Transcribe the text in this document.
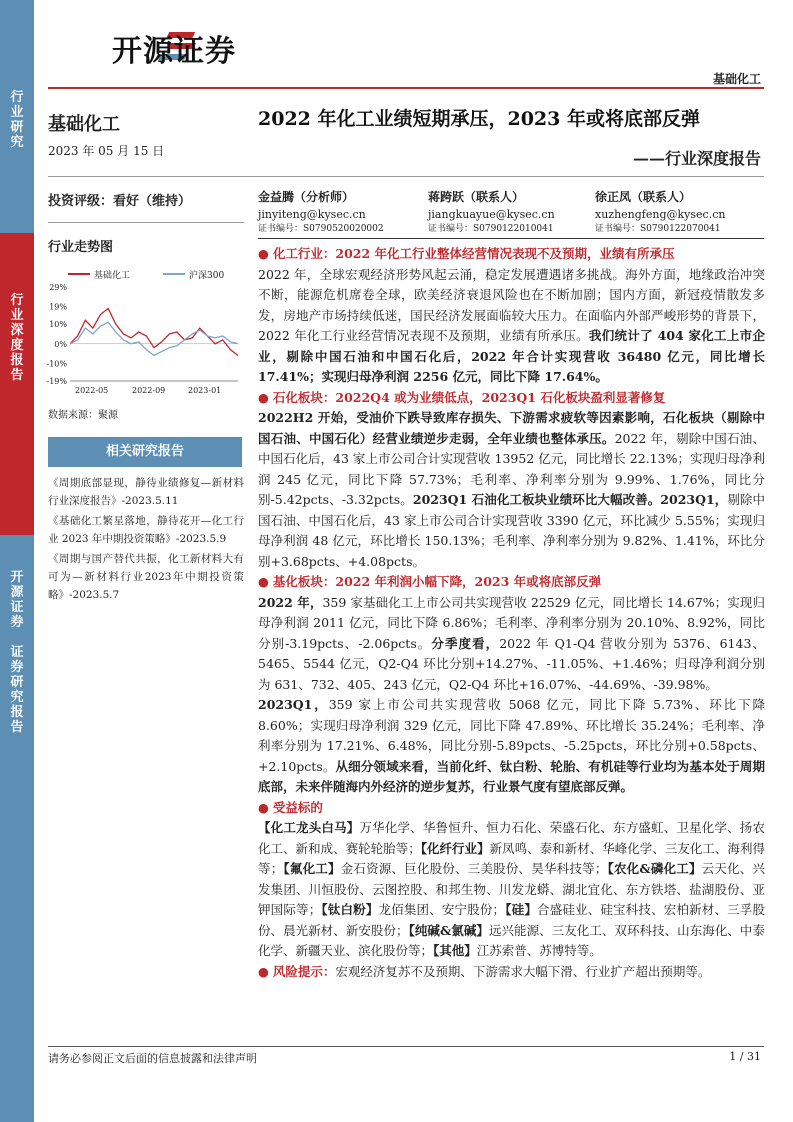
行
业
研
究
行
业
深
度
报
告
开
源
证
券

证
券
研
究
报
告
开源证券
基础化工
基础化工
2023 年 05 月 15 日
2022 年化工业绩短期承压，2023 年或将底部反弹
——行业深度报告
投资评级：看好（维持）
行业走势图
基础化工	沪深300
29%
19%
10%
0%
-10%
-19%
2022-05	2022-09	2023-01
数据来源：聚源
相关研究报告

《周期底部显现，静待业绩修复—新材料行业深度报告》-2023.5.11

《基础化工繁星落地，静待花开—化工行业 2023 年中期投资策略》-2023.5.9

《周期与国产替代共振，化工新材料大有可为—新材料行业2023年中期投资策略》-2023.5.7

金益腾（分析师）
jinyiteng@kysec.cn
证书编号：S0790520020002
蒋跨跃（联系人）
jiangkuayue@kysec.cn
证书编号：S0790122010041
徐正凤（联系人）
xuzhengfeng@kysec.cn
证书编号：S0790122070041

● 化工行业：2022 年化工行业整体经营情况表现不及预期，业绩有所承压

2022 年，全球宏观经济形势风起云涌，稳定发展遭遇诸多挑战。海外方面，地缘政治冲突不断，能源危机席卷全球，欧美经济衰退风险也在不断加剧；国内方面，新冠疫情散发多发，房地产市场持续低迷，国民经济发展面临较大压力。在面临内外部严峻形势的背景下，2022 年化工行业经营情况表现不及预期，业绩有所承压。我们统计了 404 家化工上市企业，剔除中国石油和中国石化后，2022 年合计实现营收 36480 亿元，同比增长 17.41%；实现归母净利润 2256 亿元，同比下降 17.64%。

● 石化板块：2022Q4 或为业绩低点，2023Q1 石化板块盈利显著修复

2022H2 开始，受油价下跌导致库存损失、下游需求疲软等因素影响，石化板块（剔除中国石油、中国石化）经营业绩逆步走弱，全年业绩也整体承压。2022 年，剔除中国石油、中国石化后，43 家上市公司合计实现营收 13952 亿元，同比增长 22.13%；实现归母净利润 245 亿元，同比下降 57.73%；毛利率、净利率分别为 9.99%、1.76%，同比分别-5.42pcts、-3.32pcts。2023Q1 石油化工板块业绩环比大幅改善。2023Q1，剔除中国石油、中国石化后，43 家上市公司合计实现营收 3390 亿元，环比减少 5.55%；实现归母净利润 48 亿元，环比增长 150.13%；毛利率、净利率分别为 9.82%、1.41%，环比分别+3.68pcts、+4.08pcts。

● 基化板块：2022 年利润小幅下降，2023 年或将底部反弹

2022 年，359 家基础化工上市公司共实现营收 22529 亿元，同比增长 14.67%；实现归母净利润 2011 亿元，同比下降 6.86%；毛利率、净利率分别为 20.10%、8.92%，同比分别-3.19pcts、-2.06pcts。分季度看，2022 年 Q1-Q4 营收分别为 5376、6143、5465、5544 亿元，Q2-Q4 环比分别+14.27%、-11.05%、+1.46%；归母净利润分别为 631、732、405、243 亿元，Q2-Q4 环比+16.07%、-44.69%、-39.98%。

2023Q1，359 家上市公司共实现营收 5068 亿元，同比下降 5.73%、环比下降 8.60%；实现归母净利润 329 亿元，同比下降 47.89%、环比增长 35.24%；毛利率、净利率分别为 17.21%、6.48%，同比分别-5.89pcts、-5.25pcts，环比分别+0.58pcts、+2.10pcts。从细分领域来看，当前化纤、钛白粉、轮胎、有机硅等行业均为基本处于周期底部，未来伴随海内外经济的逆步复苏，行业景气度有望底部反弹。

● 受益标的

【化工龙头白马】万华化学、华鲁恒升、恒力石化、荣盛石化、东方盛虹、卫星化学、扬农化工、新和成、赛轮轮胎等；【化纤行业】新凤鸣、泰和新材、华峰化学、三友化工、海利得等；【氟化工】金石资源、巨化股份、三美股份、昊华科技等；【农化&磷化工】云天化、兴发集团、川恒股份、云图控股、和邦生物、川发龙蟒、湖北宜化、东方铁塔、盐湖股份、亚钾国际等；【钛白粉】龙佰集团、安宁股份；【硅】合盛硅业、硅宝科技、宏柏新材、三孚股份、晨光新材、新安股份；【纯碱&氯碱】远兴能源、三友化工、双环科技、山东海化、中泰化学、新疆天业、滨化股份等；【其他】江苏索普、苏博特等。

● 风险提示：宏观经济复苏不及预期、下游需求大幅下滑、行业扩产超出预期等。

请务必参阅正文后面的信息披露和法律声明	1 / 31
